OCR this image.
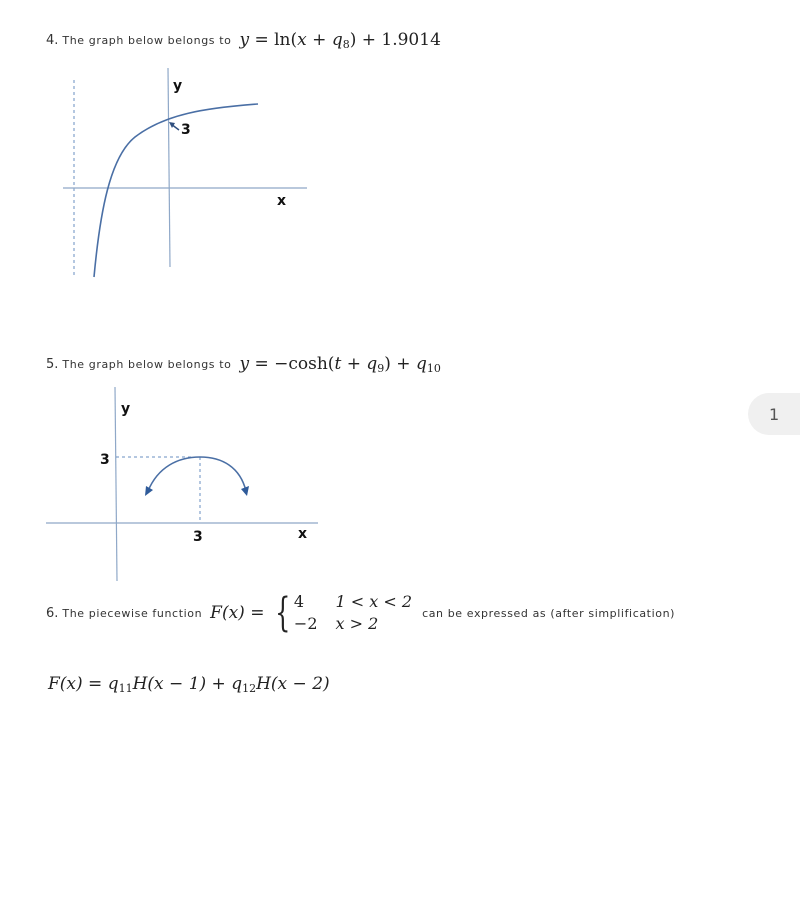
4. The graph below belongs to $y = \ln(x + q_8) + 1.9014$
3
y
x
5. The graph below belongs to $y = -\cosh(t + q_9) + q_{10}$
y
3
3	x
1
6. The piecewise function F(x) = { 4	1 < x < 2
−2 x > 2
can be expressed as (after simplification)
$F(x) = q_{11}H(x - 1) + q_{12}H(x - 2)$
